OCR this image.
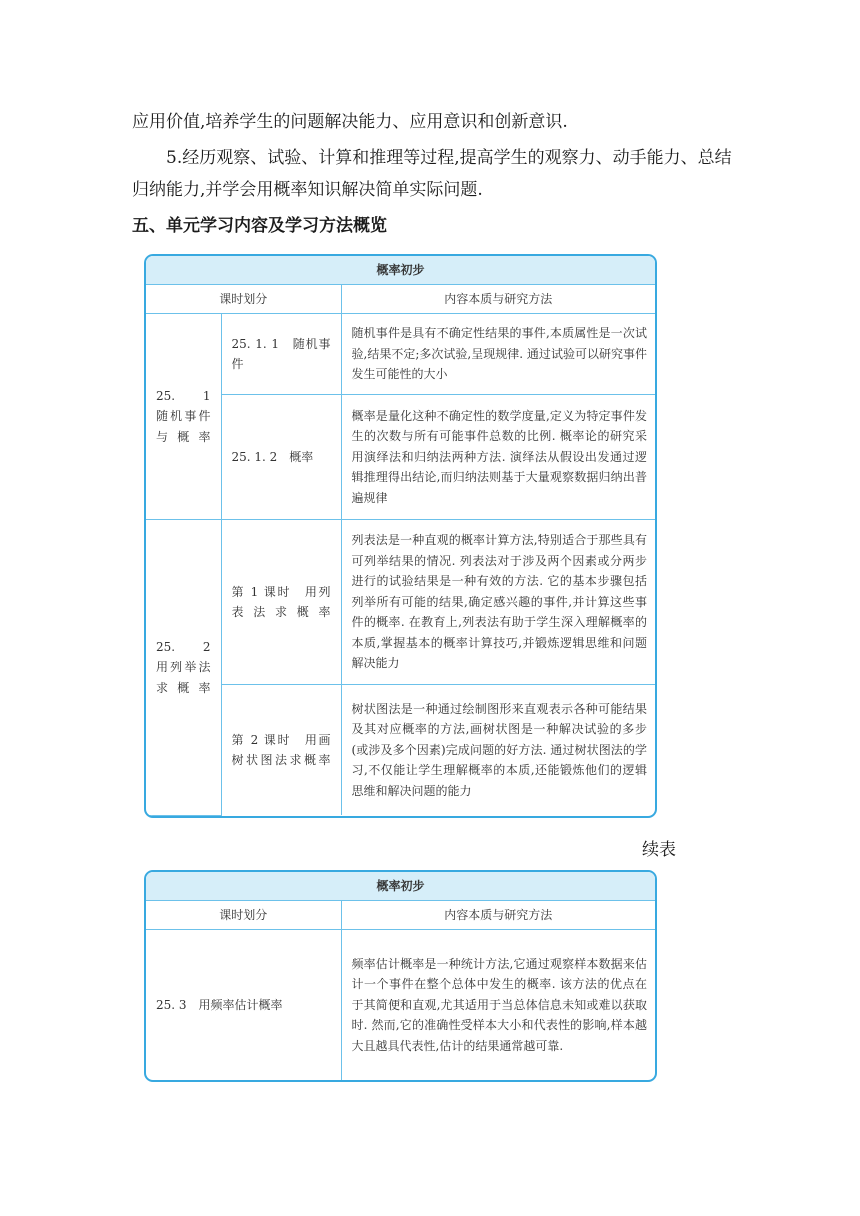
应用价值,培养学生的问题解决能力、应用意识和创新意识.

5.经历观察、试验、计算和推理等过程,提高学生的观察力、动手能力、总结

归纳能力,并学会用概率知识解决简单实际问题.

五、单元学习内容及学习方法概览
概率初步		
课时划分		内容本质与研究方法
25. 1　随机事件与概率	25. 1. 1　随机事件	随机事件是具有不确定性结果的事件,本质属性是一次试验,结果不定;多次试验,呈现规律. 通过试验可以研究事件发生可能性的大小
	25. 1. 2　概率	概率是量化这种不确定性的数学度量,定义为特定事件发生的次数与所有可能事件总数的比例. 概率论的研究采用演绎法和归纳法两种方法. 演绎法从假设出发通过逻辑推理得出结论,而归纳法则基于大量观察数据归纳出普遍规律
25. 2　用列举法求概率	第 1 课时　用列表法求概率	列表法是一种直观的概率计算方法,特别适合于那些具有可列举结果的情况. 列表法对于涉及两个因素或分两步进行的试验结果是一种有效的方法. 它的基本步骤包括列举所有可能的结果,确定感兴趣的事件,并计算这些事件的概率. 在教育上,列表法有助于学生深入理解概率的本质,掌握基本的概率计算技巧,并锻炼逻辑思维和问题解决能力
	第 2 课时　用画树状图法求概率	树状图法是一种通过绘制图形来直观表示各种可能结果及其对应概率的方法,画树状图是一种解决试验的多步(或涉及多个因素)完成问题的好方法. 通过树状图法的学习,不仅能让学生理解概率的本质,还能锻炼他们的逻辑思维和解决问题的能力
续表
概率初步	
课时划分	内容本质与研究方法
25. 3　用频率估计概率	频率估计概率是一种统计方法,它通过观察样本数据来估计一个事件在整个总体中发生的概率. 该方法的优点在于其简便和直观,尤其适用于当总体信息未知或难以获取时. 然而,它的准确性受样本大小和代表性的影响,样本越大且越具代表性,估计的结果通常越可靠.
